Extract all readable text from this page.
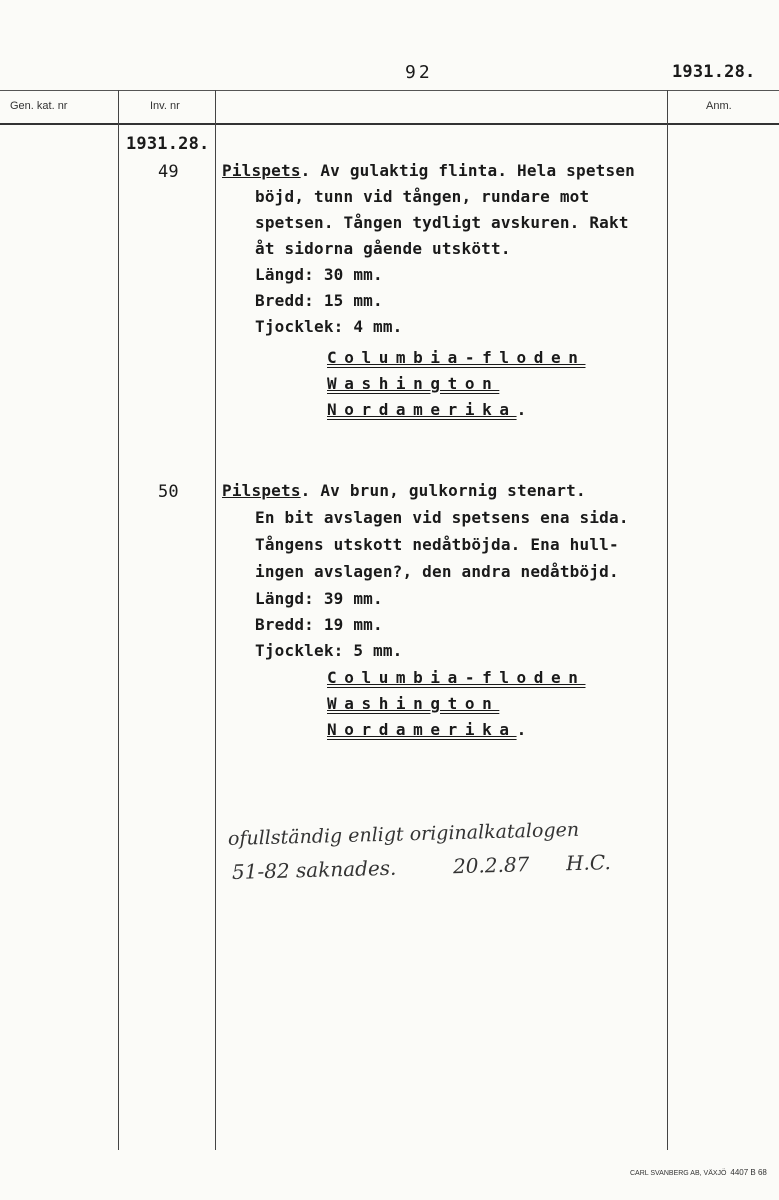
92	1931.28.
Gen. kat. nr	Inv. nr	Anm.
1931.28.
49	Pilspets. Av gulaktig flinta. Hela spetsen
böjd, tunn vid tången, rundare mot
spetsen. Tången tydligt avskuren. Rakt
åt sidorna gående utskött.
Längd: 30 mm.
Bredd: 15 mm.
Tjocklek: 4 mm.
Columbia-floden
Washington
Nordamerika.
50	Pilspets. Av brun, gulkornig stenart.
En bit avslagen vid spetsens ena sida.
Tångens utskott nedåtböjda. Ena hull-
ingen avslagen?, den andra nedåtböjd.
Längd: 39 mm.
Bredd: 19 mm.
Tjocklek: 5 mm.
Columbia-floden
Washington
Nordamerika.
ofullständig enligt originalkatalogen
51-82 saknades.	20.2.87 H.C.
CARL SVANBERG AB, VÄXJÖ 4407 B 68
